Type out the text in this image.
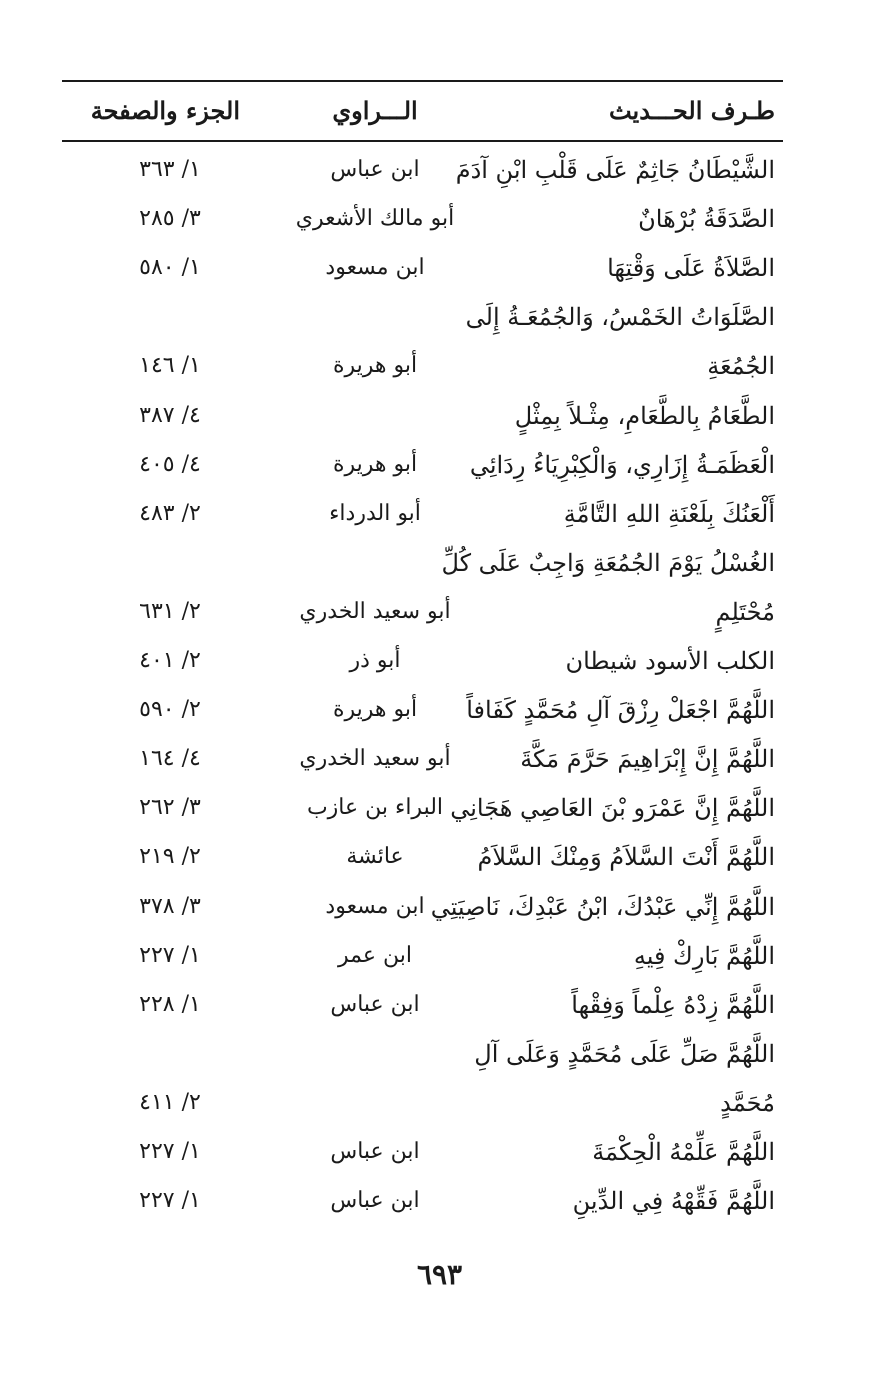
طـرف الحـــديث
الـــراوي
الجزء والصفحة
الشَّيْطَانُ جَاثِمٌ عَلَى قَلْبِ ابْنِ آدَمَ
ابن عباس
١/ ٣٦٣
الصَّدَقَةُ بُرْهَانٌ
أبو مالك الأشعري
٣/ ٢٨٥
الصَّلاَةُ عَلَى وَقْتِهَا
ابن مسعود
١/ ٥٨٠
الصَّلَوَاتُ الخَمْسُ، وَالجُمُعَـةُ إِلَى
الجُمُعَةِ
أبو هريرة
١/ ١٤٦
الطَّعَامُ بِالطَّعَامِ، مِثْـلاً بِمِثْلٍ
٤/ ٣٨٧
الْعَظَمَـةُ إِزَارِي، وَالْكِبْرِيَاءُ رِدَائِي
أبو هريرة
٤/ ٤٠٥
أَلْعَنُكَ بِلَعْنَةِ اللهِ التَّامَّةِ
أبو الدرداء
٢/ ٤٨٣
الغُسْلُ يَوْمَ الجُمُعَةِ وَاجِبٌ عَلَى كُلِّ
مُحْتَلِمٍ
أبو سعيد الخدري
٢/ ٦٣١
الكلب الأسود شيطان
أبو ذر
٢/ ٤٠١
اللَّهُمَّ اجْعَلْ رِزْقَ آلِ مُحَمَّدٍ كَفَافاً
أبو هريرة
٢/ ٥٩٠
اللَّهُمَّ إِنَّ إِبْرَاهِيمَ حَرَّمَ مَكَّةَ
أبو سعيد الخدري
٤/ ١٦٤
اللَّهُمَّ إِنَّ عَمْرَو بْنَ العَاصِي هَجَانِي
البراء بن عازب
٣/ ٢٦٢
اللَّهُمَّ أَنْتَ السَّلاَمُ وَمِنْكَ السَّلاَمُ
عائشة
٢/ ٢١٩
اللَّهُمَّ إِنِّي عَبْدُكَ، ابْنُ عَبْدِكَ، نَاصِيَتِي
ابن مسعود
٣/ ٣٧٨
اللَّهُمَّ بَارِكْ فِيهِ
ابن عمر
١/ ٢٢٧
اللَّهُمَّ زِدْهُ عِلْماً وَفِقْهاً
ابن عباس
١/ ٢٢٨
اللَّهُمَّ صَلِّ عَلَى مُحَمَّدٍ وَعَلَى آلِ
مُحَمَّدٍ
٢/ ٤١١
اللَّهُمَّ عَلِّمْهُ الْحِكْمَةَ
ابن عباس
١/ ٢٢٧
اللَّهُمَّ فَقِّهْهُ فِي الدِّينِ
ابن عباس
١/ ٢٢٧
٦٩٣
